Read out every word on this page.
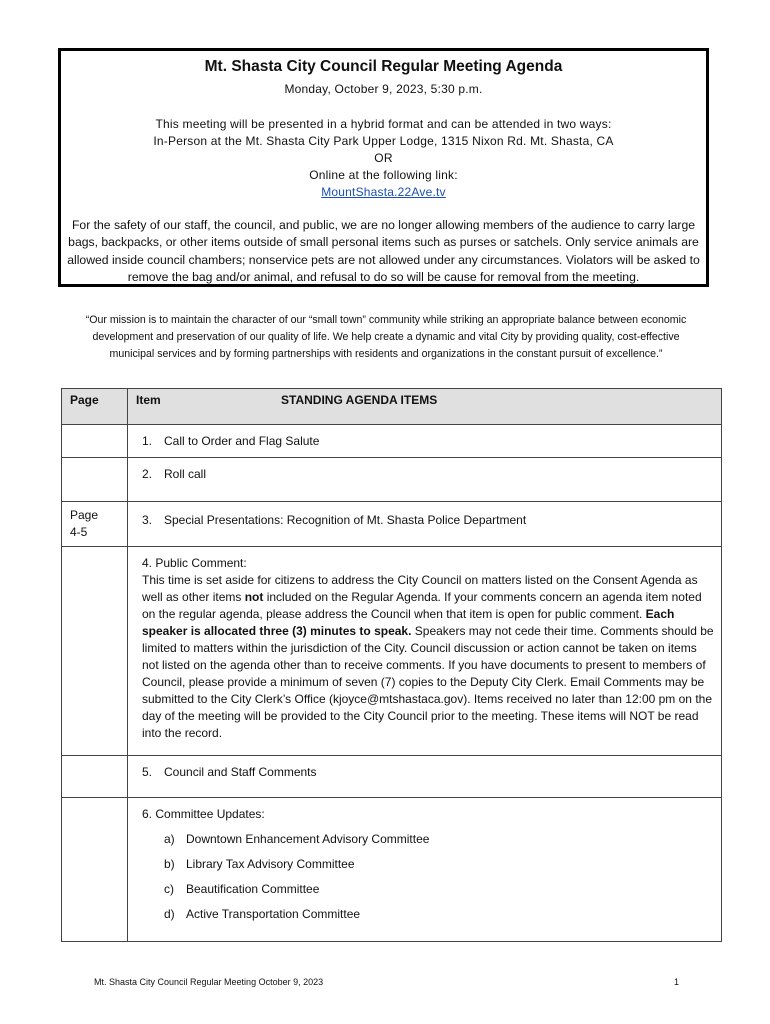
Mt. Shasta City Council Regular Meeting Agenda
Monday, October 9, 2023, 5:30 p.m.
This meeting will be presented in a hybrid format and can be attended in two ways:
In-Person at the Mt. Shasta City Park Upper Lodge, 1315 Nixon Rd. Mt. Shasta, CA
OR
Online at the following link:
MountShasta.22Ave.tv
For the safety of our staff, the council, and public, we are no longer allowing members of the audience to carry large bags, backpacks, or other items outside of small personal items such as purses or satchels. Only service animals are allowed inside council chambers; nonservice pets are not allowed under any circumstances. Violators will be asked to remove the bag and/or animal, and refusal to do so will be cause for removal from the meeting.
“Our mission is to maintain the character of our “small town” community while striking an appropriate balance between economic development and preservation of our quality of life. We help create a dynamic and vital City by providing quality, cost-effective municipal services and by forming partnerships with residents and organizations in the constant pursuit of excellence.”
Page	Item STANDING AGENDA ITEMS

	1. Call to Order and Flag Salute

	2. Roll call

Page
4-5	3. Special Presentations: Recognition of Mt. Shasta Police Department

	4. Public Comment:
This time is set aside for citizens to address the City Council on matters listed on the Consent Agenda as well as other items not included on the Regular Agenda. If your comments concern an agenda item noted on the regular agenda, please address the Council when that item is open for public comment. Each speaker is allocated three (3) minutes to speak. Speakers may not cede their time. Comments should be limited to matters within the jurisdiction of the City. Council discussion or action cannot be taken on items not listed on the agenda other than to receive comments. If you have documents to present to members of Council, please provide a minimum of seven (7) copies to the Deputy City Clerk. Email Comments may be submitted to the City Clerk’s Office (kjoyce@mtshastaca.gov). Items received no later than 12:00 pm on the day of the meeting will be provided to the City Council prior to the meeting. These items will NOT be read into the record.

	5. Council and Staff Comments

	6. Committee Updates:
a) Downtown Enhancement Advisory Committee
b) Library Tax Advisory Committee
c) Beautification Committee
d) Active Transportation Committee
Mt. Shasta City Council Regular Meeting October 9, 2023	1
